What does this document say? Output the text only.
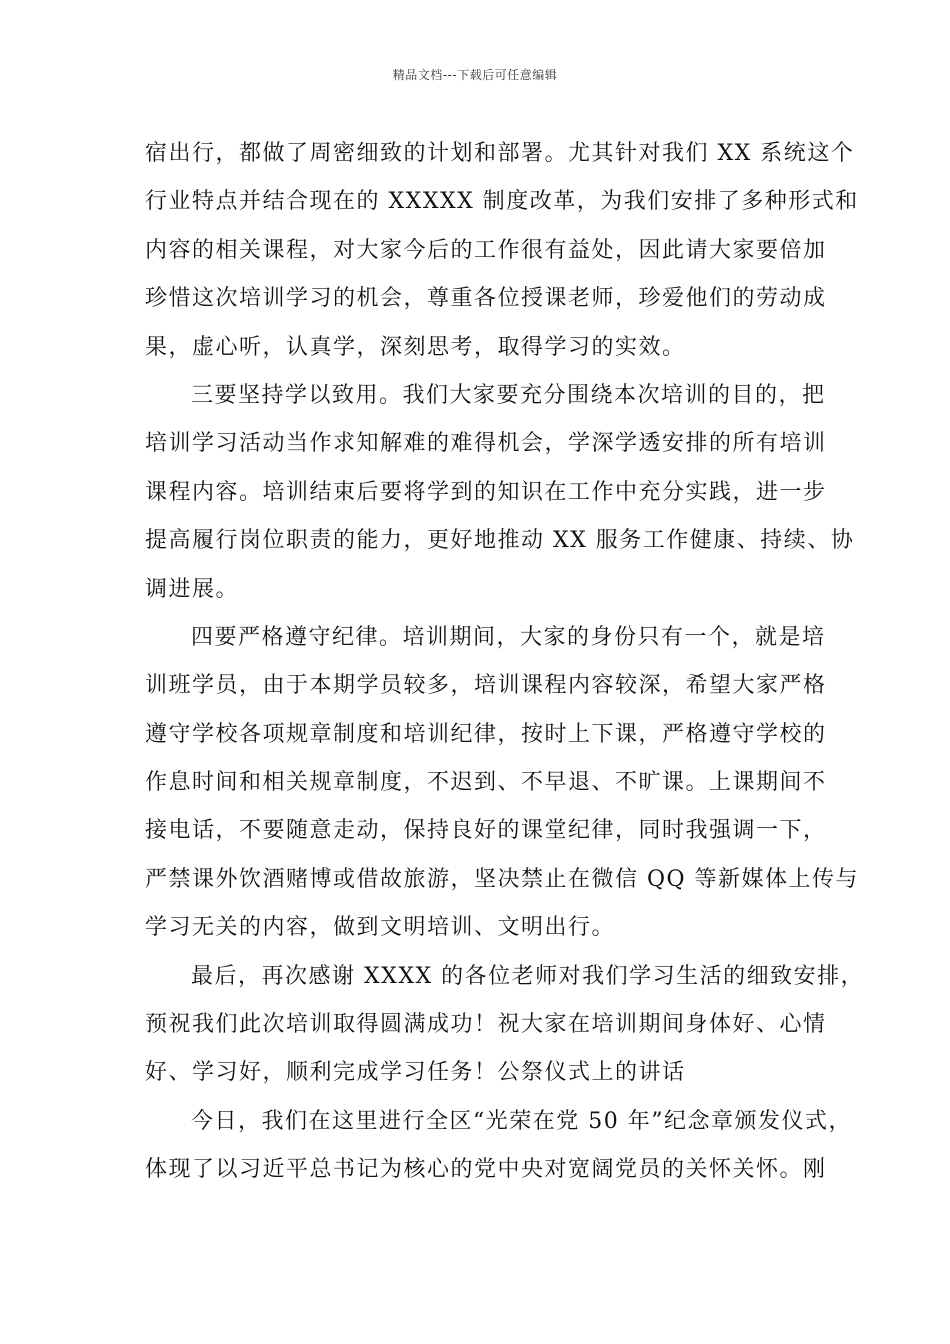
精品文档---下载后可任意编辑
宿出行，都做了周密细致的计划和部署。尤其针对我们 XX 系统这个
行业特点并结合现在的 XXXXX 制度改革，为我们安排了多种形式和
内容的相关课程，对大家今后的工作很有益处，因此请大家要倍加
珍惜这次培训学习的机会，尊重各位授课老师，珍爱他们的劳动成
果，虚心听，认真学，深刻思考，取得学习的实效。
三要坚持学以致用。我们大家要充分围绕本次培训的目的，把
培训学习活动当作求知解难的难得机会，学深学透安排的所有培训
课程内容。培训结束后要将学到的知识在工作中充分实践，进一步
提高履行岗位职责的能力，更好地推动 XX 服务工作健康、持续、协
调进展。
四要严格遵守纪律。培训期间，大家的身份只有一个，就是培
训班学员，由于本期学员较多，培训课程内容较深，希望大家严格
遵守学校各项规章制度和培训纪律，按时上下课，严格遵守学校的
作息时间和相关规章制度，不迟到、不早退、不旷课。上课期间不
接电话，不要随意走动，保持良好的课堂纪律，同时我强调一下，
严禁课外饮酒赌博或借故旅游，坚决禁止在微信 QQ 等新媒体上传与
学习无关的内容，做到文明培训、文明出行。
最后，再次感谢 XXXX 的各位老师对我们学习生活的细致安排，
预祝我们此次培训取得圆满成功！祝大家在培训期间身体好、心情
好、学习好，顺利完成学习任务！公祭仪式上的讲话
今日，我们在这里进行全区“光荣在党 50 年”纪念章颁发仪式，
体现了以习近平总书记为核心的党中央对宽阔党员的关怀关怀。刚
